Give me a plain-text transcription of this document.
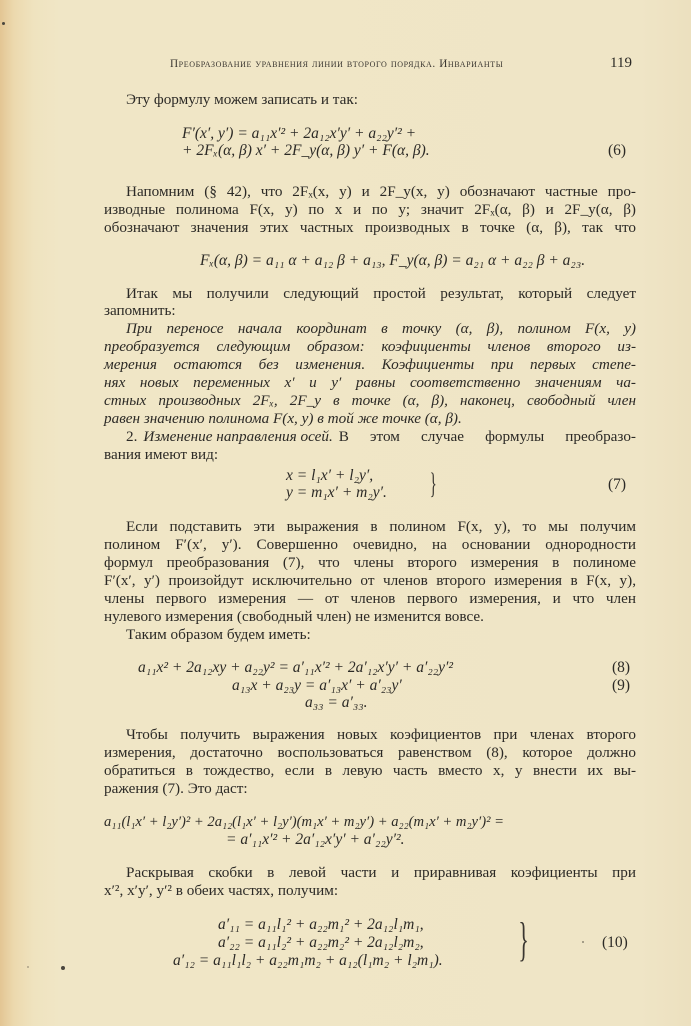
Преобразование уравнения линии второго порядка. Инварианты	119
Эту формулу можем записать и так:
F′(x′, y′) = a₁₁x′² + 2a₁₂x′y′ + a₂₂y′² +
+ 2Fₓ(α, β) x′ + 2F_y(α, β) y′ + F(α, β).	(6)
Напомним (§ 42), что 2Fₓ(x, y) и 2F_y(x, y) обозначают частные про-
изводные полинома F(x, y) по x и по y; значит 2Fₓ(α, β) и 2F_y(α, β)
обозначают значения этих частных производных в точке (α, β), так что
Fₓ(α, β) = a₁₁ α + a₁₂ β + a₁₃, F_y(α, β) = a₂₁ α + a₂₂ β + a₂₃.
Итак мы получили следующий простой результат, который следует
запомнить:
При переносе начала координат в точку (α, β), полином F(x, y)
преобразуется следующим образом: коэфициенты членов второго из-
мерения остаются без изменения. Коэфициенты при первых степе-
нях новых переменных x′ и y′ равны соответственно значениям ча-
стных производных 2Fₓ, 2F_y в точке (α, β), наконец, свободный член
равен значению полинома F(x, y) в той же точке (α, β).
2. Изменение направления осей. В этом случае формулы преобразо-
вания имеют вид:
x = l₁x′ + l₂y′,
y = m₁x′ + m₂y′. }	(7)
Если подставить эти выражения в полином F(x, y), то мы получим
полином F′(x′, y′). Совершенно очевидно, на основании однородности
формул преобразования (7), что члены второго измерения в полиноме
F′(x′, y′) произойдут исключительно от членов второго измерения в F(x, y),
члены первого измерения — от членов первого измерения, и что член
нулевого измерения (свободный член) не изменится вовсе.
Таким образом будем иметь:
a₁₁x² + 2a₁₂xy + a₂₂y² = a′₁₁x′² + 2a′₁₂x′y′ + a′₂₂y′²	(8)
a₁₃x + a₂₃y = a′₁₃x′ + a′₂₃y′	(9)
a₃₃ = a′₃₃.
Чтобы получить выражения новых коэфициентов при членах второго
измерения, достаточно воспользоваться равенством (8), которое должно
обратиться в тождество, если в левую часть вместо x, y внести их вы-
ражения (7). Это даст:
a₁₁(l₁x′ + l₂y′)² + 2a₁₂(l₁x′ + l₂y′)(m₁x′ + m₂y′) + a₂₂(m₁x′ + m₂y′)² =
= a′₁₁x′² + 2a′₁₂x′y′ + a′₂₂y′².
Раскрывая скобки в левой части и приравнивая коэфициенты при
x′², x′y′, y′² в обеих частях, получим:
a′₁₁ = a₁₁l₁² + a₂₂m₁² + 2a₁₂l₁m₁,
a′₂₂ = a₁₁l₂² + a₂₂m₂² + 2a₁₂l₂m₂,
a′₁₂ = a₁₁l₁l₂ + a₂₂m₁m₂ + a₁₂(l₁m₂ + l₂m₁). }	(10)
